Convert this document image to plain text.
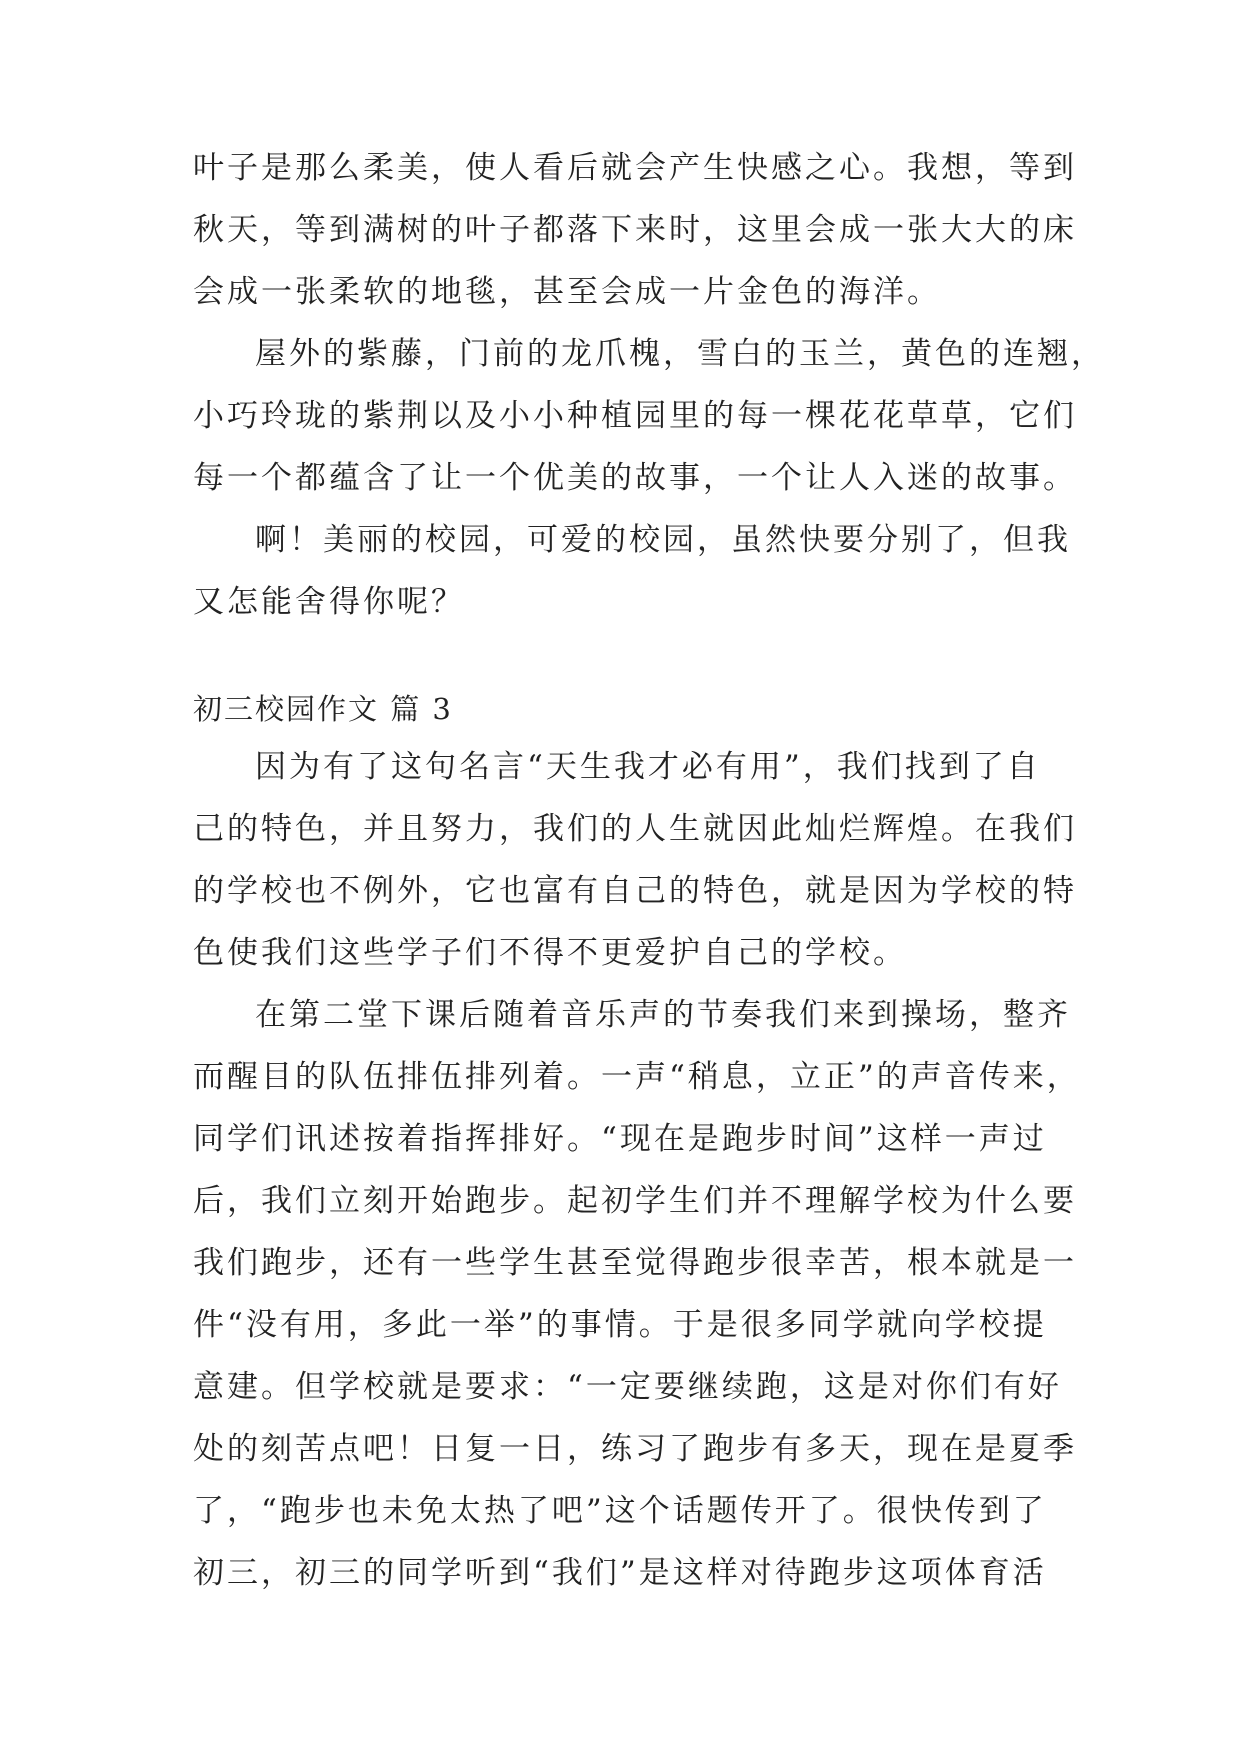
叶子是那么柔美，使人看后就会产生快感之心。我想，等到
秋天，等到满树的叶子都落下来时，这里会成一张大大的床
会成一张柔软的地毯，甚至会成一片金色的海洋。
屋外的紫藤，门前的龙爪槐，雪白的玉兰，黄色的连翘，
小巧玲珑的紫荆以及小小种植园里的每一棵花花草草，它们
每一个都蕴含了让一个优美的故事，一个让人入迷的故事。
啊！美丽的校园，可爱的校园，虽然快要分别了，但我
又怎能舍得你呢？
初三校园作文 篇 3
因为有了这句名言“天生我才必有用”，我们找到了自
己的特色，并且努力，我们的人生就因此灿烂辉煌。在我们
的学校也不例外，它也富有自己的特色，就是因为学校的特
色使我们这些学子们不得不更爱护自己的学校。
在第二堂下课后随着音乐声的节奏我们来到操场，整齐
而醒目的队伍排伍排列着。一声“稍息，立正”的声音传来，
同学们讯述按着指挥排好。“现在是跑步时间”这样一声过
后，我们立刻开始跑步。起初学生们并不理解学校为什么要
我们跑步，还有一些学生甚至觉得跑步很幸苦，根本就是一
件“没有用，多此一举”的事情。于是很多同学就向学校提
意建。但学校就是要求：“一定要继续跑，这是对你们有好
处的刻苦点吧！日复一日，练习了跑步有多天，现在是夏季
了，“跑步也未免太热了吧”这个话题传开了。很快传到了
初三，初三的同学听到“我们”是这样对待跑步这项体育活
